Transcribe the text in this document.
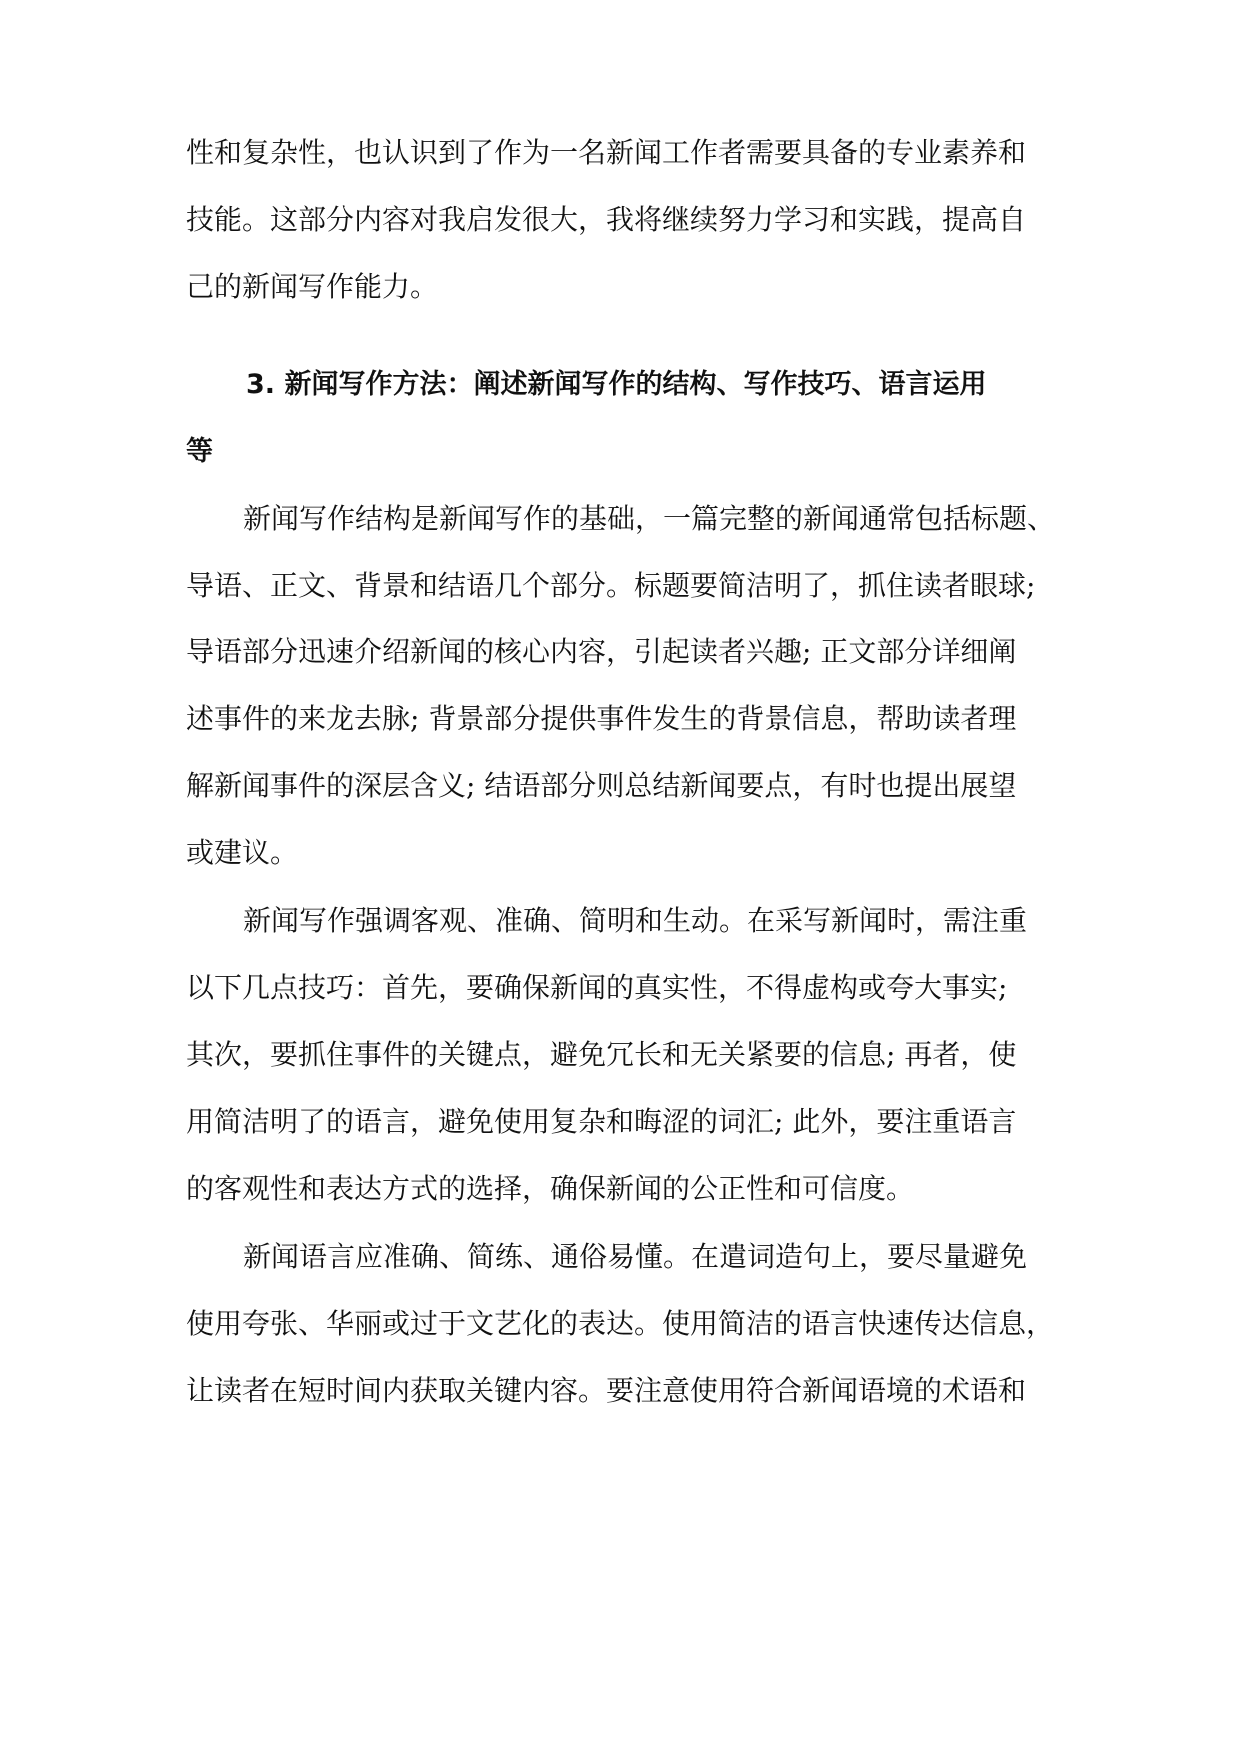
性和复杂性，也认识到了作为一名新闻工作者需要具备的专业素养和
技能。这部分内容对我启发很大，我将继续努力学习和实践，提高自
己的新闻写作能力。
3. 新闻写作方法：阐述新闻写作的结构、写作技巧、语言运用
等
新闻写作结构是新闻写作的基础，一篇完整的新闻通常包括标题、
导语、正文、背景和结语几个部分。标题要简洁明了，抓住读者眼球;
导语部分迅速介绍新闻的核心内容，引起读者兴趣; 正文部分详细阐
述事件的来龙去脉; 背景部分提供事件发生的背景信息，帮助读者理
解新闻事件的深层含义; 结语部分则总结新闻要点，有时也提出展望
或建议。
新闻写作强调客观、准确、简明和生动。在采写新闻时，需注重
以下几点技巧：首先，要确保新闻的真实性，不得虚构或夸大事实;
其次，要抓住事件的关键点，避免冗长和无关紧要的信息; 再者，使
用简洁明了的语言，避免使用复杂和晦涩的词汇; 此外，要注重语言
的客观性和表达方式的选择，确保新闻的公正性和可信度。
新闻语言应准确、简练、通俗易懂。在遣词造句上，要尽量避免
使用夸张、华丽或过于文艺化的表达。使用简洁的语言快速传达信息，
让读者在短时间内获取关键内容。要注意使用符合新闻语境的术语和
